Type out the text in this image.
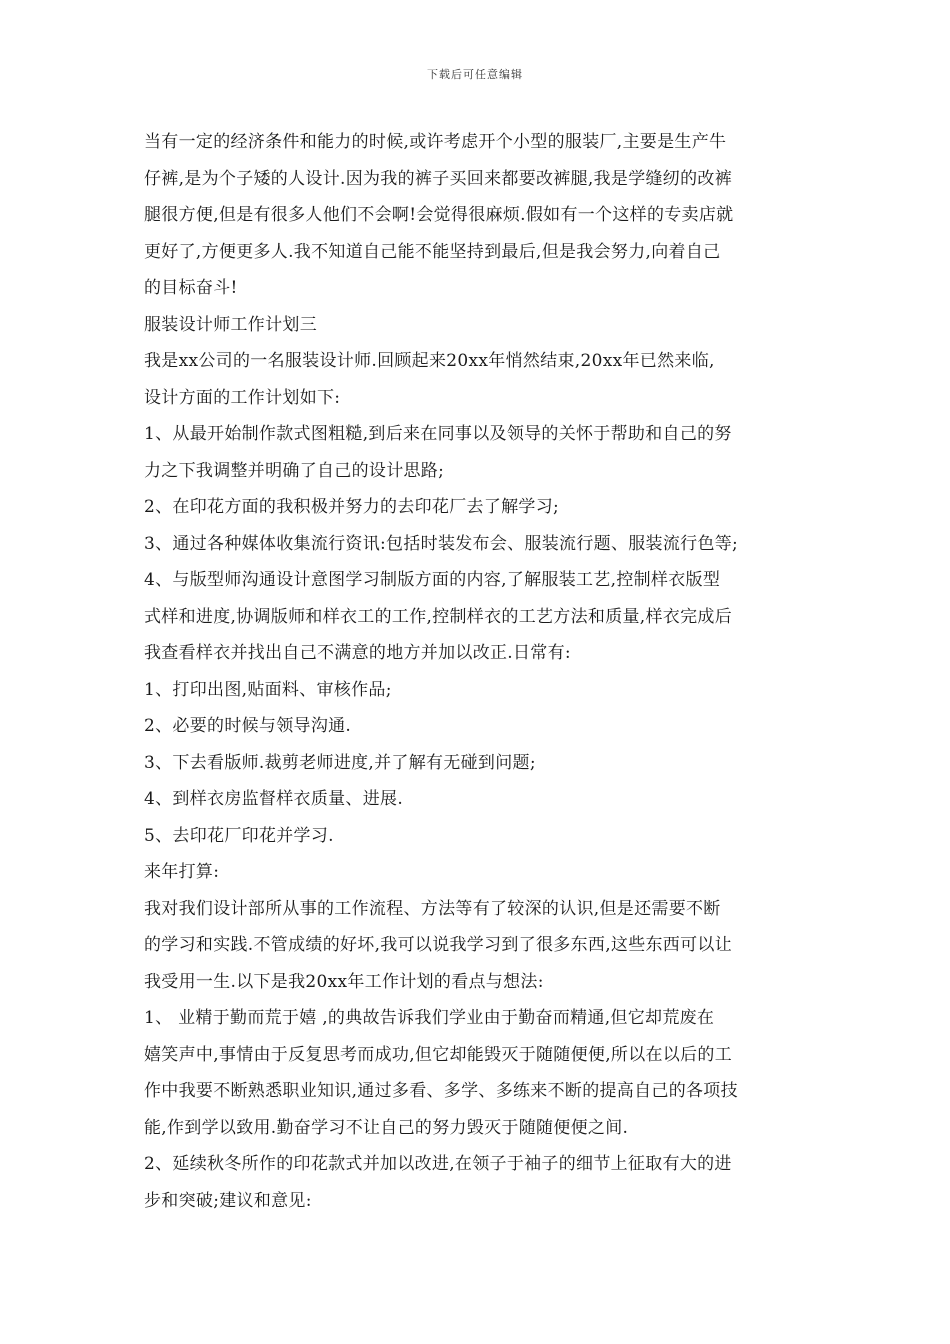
下载后可任意编辑
当有一定的经济条件和能力的时候,或许考虑开个小型的服装厂,主要是生产牛
仔裤,是为个子矮的人设计.因为我的裤子买回来都要改裤腿,我是学缝纫的改裤
腿很方便,但是有很多人他们不会啊!会觉得很麻烦.假如有一个这样的专卖店就
更好了,方便更多人.我不知道自己能不能坚持到最后,但是我会努力,向着自己
的目标奋斗!
服装设计师工作计划三
我是xx公司的一名服装设计师.回顾起来20xx年悄然结束,20xx年已然来临,
设计方面的工作计划如下:
1、从最开始制作款式图粗糙,到后来在同事以及领导的关怀于帮助和自己的努
力之下我调整并明确了自己的设计思路;
2、在印花方面的我积极并努力的去印花厂去了解学习;
3、通过各种媒体收集流行资讯:包括时装发布会、服装流行题、服装流行色等;
4、与版型师沟通设计意图学习制版方面的内容,了解服装工艺,控制样衣版型
式样和进度,协调版师和样衣工的工作,控制样衣的工艺方法和质量,样衣完成后
我查看样衣并找出自己不满意的地方并加以改正.日常有:
1、打印出图,贴面料、审核作品;
2、必要的时候与领导沟通.
3、下去看版师.裁剪老师进度,并了解有无碰到问题;
4、到样衣房监督样衣质量、进展.
5、去印花厂印花并学习.
来年打算:
我对我们设计部所从事的工作流程、方法等有了较深的认识,但是还需要不断
的学习和实践.不管成绩的好坏,我可以说我学习到了很多东西,这些东西可以让
我受用一生.以下是我20xx年工作计划的看点与想法:
1、 业精于勤而荒于嬉 ,的典故告诉我们学业由于勤奋而精通,但它却荒废在
嬉笑声中,事情由于反复思考而成功,但它却能毁灭于随随便便,所以在以后的工
作中我要不断熟悉职业知识,通过多看、多学、多练来不断的提高自己的各项技
能,作到学以致用.勤奋学习不让自己的努力毁灭于随随便便之间.
2、延续秋冬所作的印花款式并加以改进,在领子于袖子的细节上征取有大的进
步和突破;建议和意见:
